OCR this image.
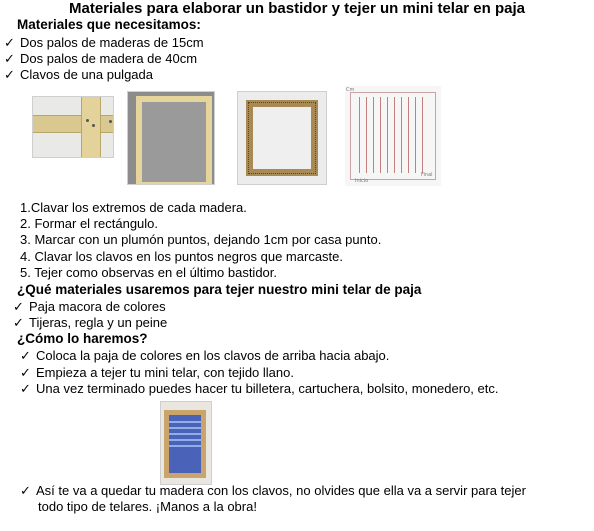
Materiales para elaborar un bastidor y tejer un mini telar en paja
Materiales que necesitamos:
✓ Dos palos de maderas de 15cm
✓ Dos palos de madera de 40cm
✓ Clavos de una pulgada
Cm
Inicio
Final
1.Clavar los extremos de cada madera.
2. Formar el rectángulo.
3. Marcar con un plumón puntos, dejando 1cm por casa punto.
4. Clavar los clavos en los puntos negros que marcaste.
5. Tejer como observas en el último bastidor.
¿Qué materiales usaremos para tejer nuestro mini telar de paja
✓ Paja macora de colores
✓ Tijeras, regla y un peine
¿Cómo lo haremos?
✓ Coloca la paja de colores en los clavos de arriba hacia abajo.
✓ Empieza a tejer tu mini telar, con tejido llano.
✓ Una vez terminado puedes hacer tu billetera, cartuchera, bolsito, monedero, etc.
✓ Así te va a quedar tu madera con los clavos, no olvides que ella va a servir para tejer
todo tipo de telares. ¡Manos a la obra!
